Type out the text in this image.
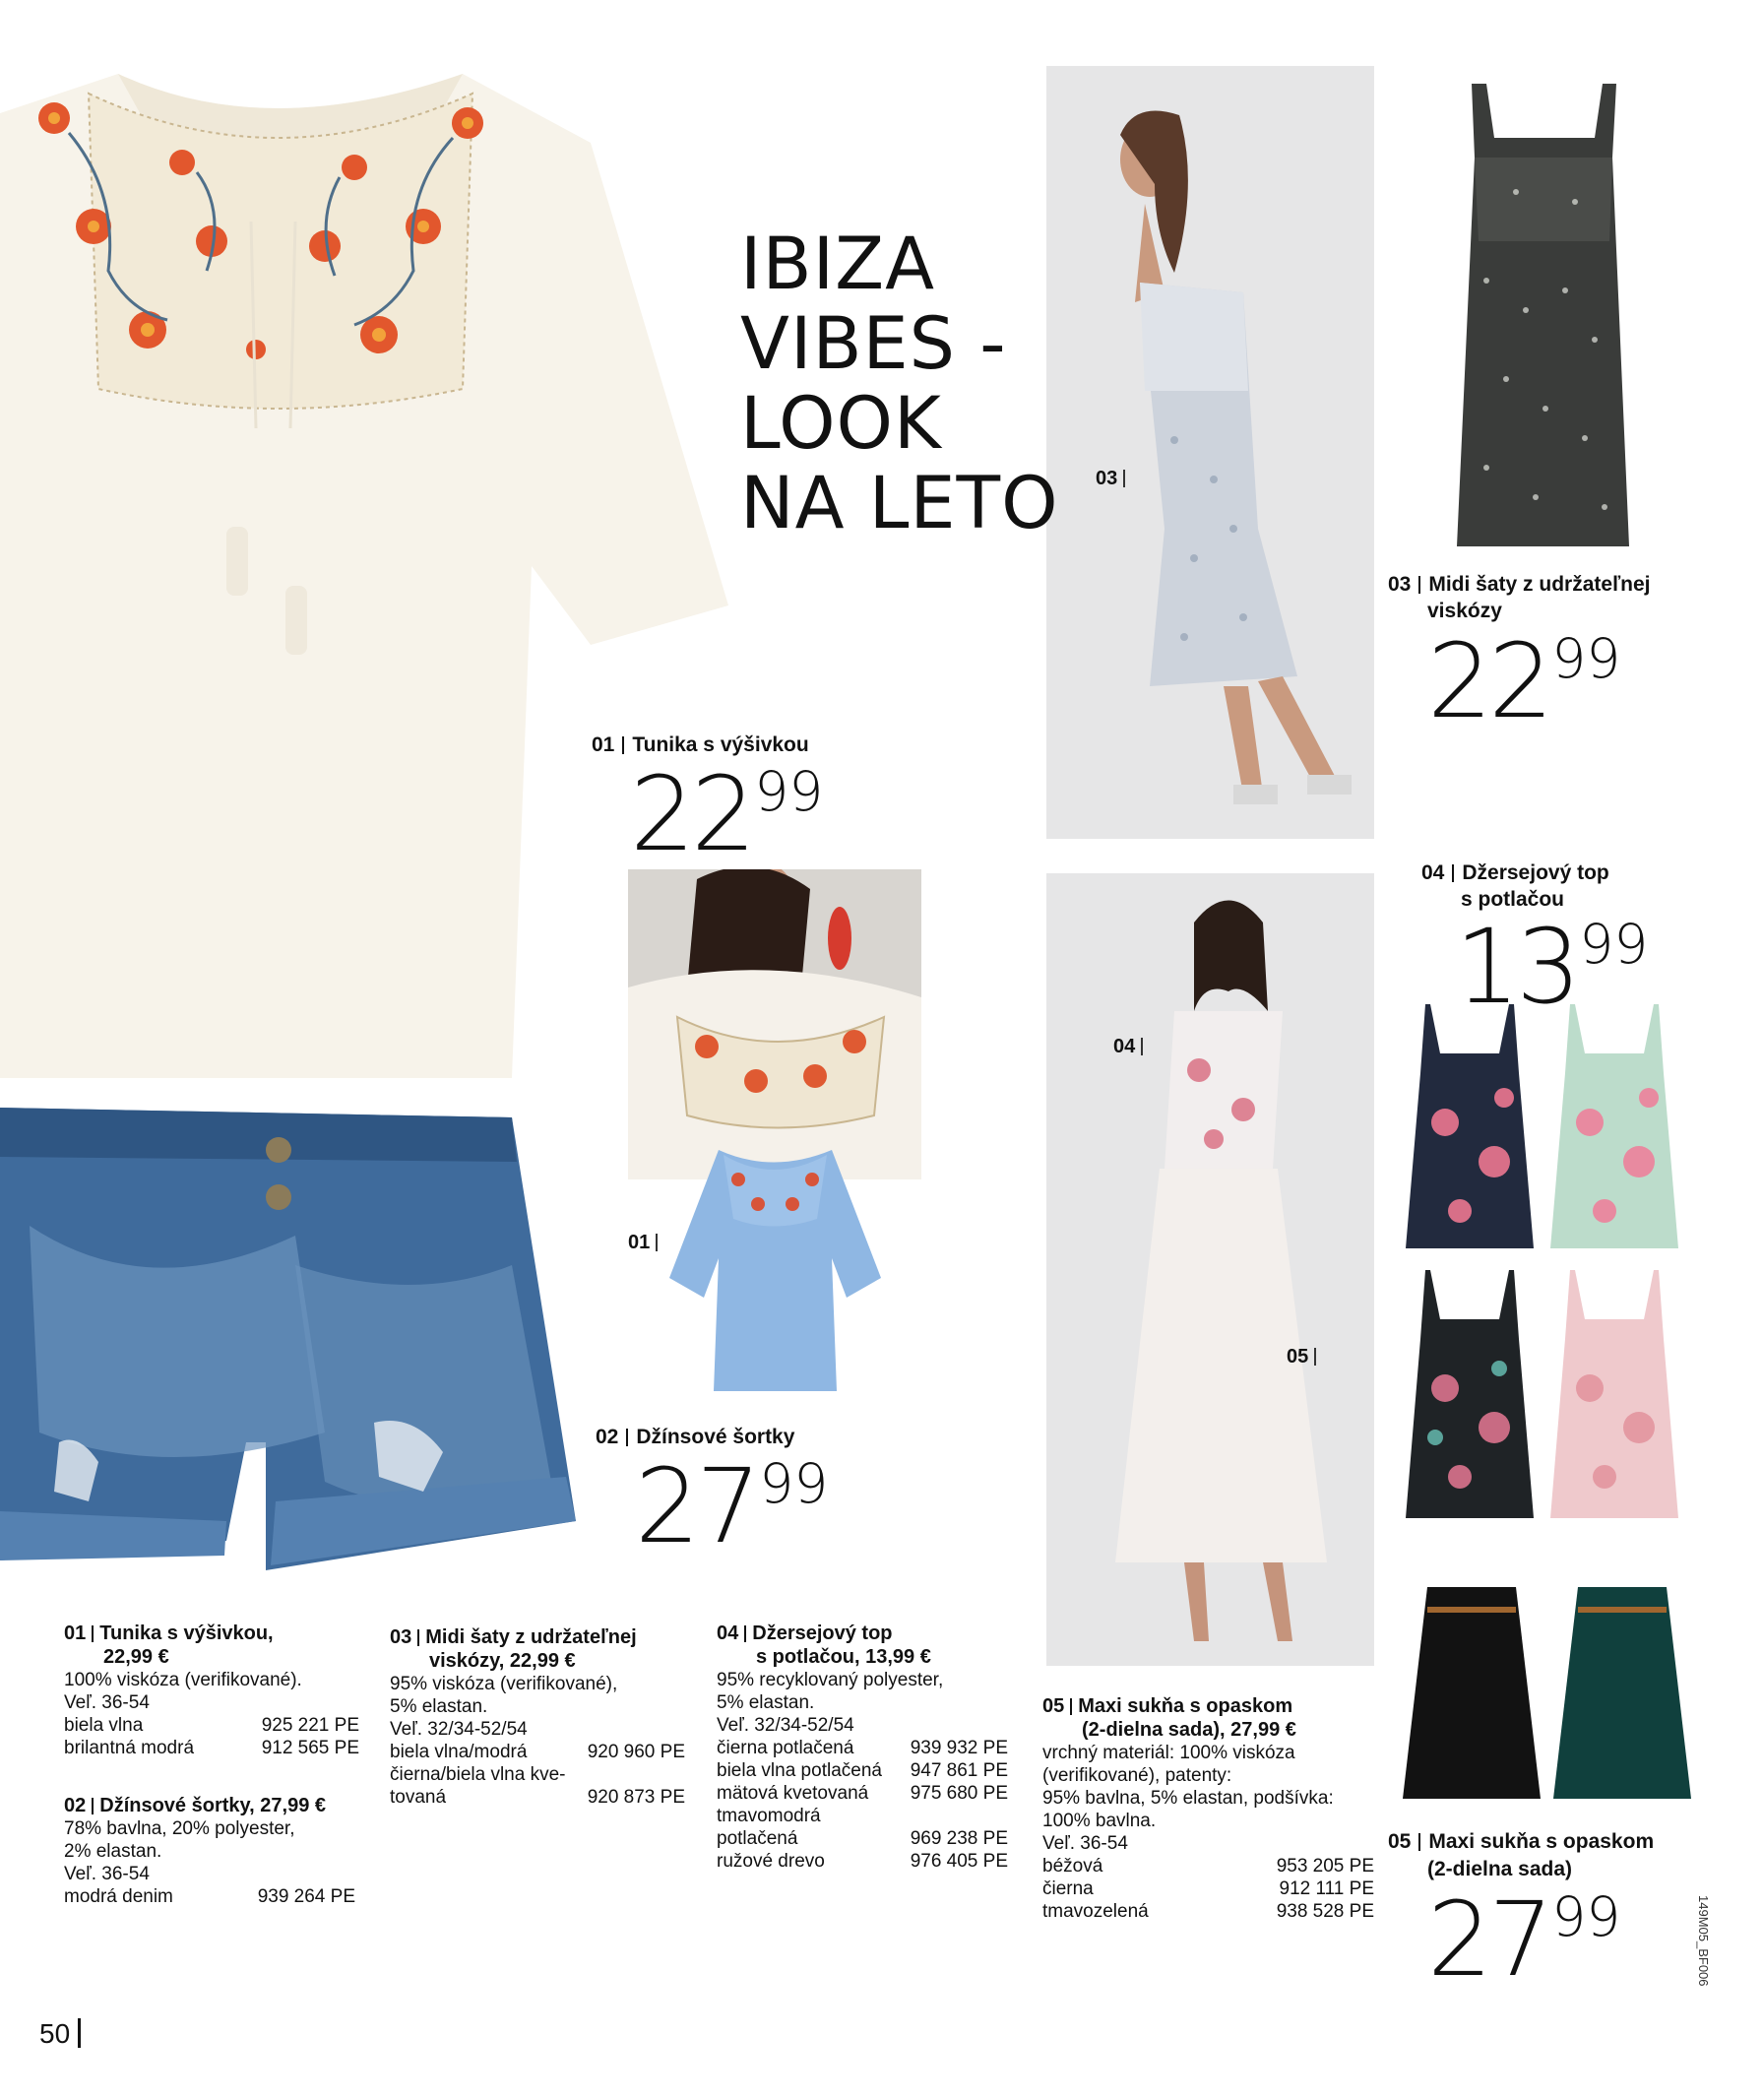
IBIZA
VIBES -
LOOK
NA LETO
01 Tunika s výšivkou
2299
02 Džínsové šortky
2799
03 Midi šaty z udržateľnej
viskózy
2299
04 Džersejový top
s potlačou
1399
05 Maxi sukňa s opaskom
(2-dielna sada)
2799
03
04
05
01
01 Tunika s výšivkou,
22,99 €
100% viskóza (verifikované).
Veľ. 36-54
biela vlna	925 221 PE
brilantná modrá	912 565 PE
02 Džínsové šortky, 27,99 €
78% bavlna, 20% polyester,
2% elastan.
Veľ. 36-54
modrá denim	939 264 PE
03 Midi šaty z udržateľnej
viskózy, 22,99 €
95% viskóza (verifikované),
5% elastan.
Veľ. 32/34-52/54
biela vlna/modrá	920 960 PE
čierna/biela vlna kve-
tovaná	920 873 PE
04 Džersejový top
s potlačou, 13,99 €
95% recyklovaný polyester,
5% elastan.
Veľ. 32/34-52/54
čierna potlačená	939 932 PE
biela vlna potlačená 947 861 PE
mätová kvetovaná 975 680 PE
tmavomodrá
potlačená	969 238 PE
ružové drevo	976 405 PE
05 Maxi sukňa s opaskom
(2-dielna sada), 27,99 €
vrchný materiál: 100% viskóza
(verifikované), patenty:
95% bavlna, 5% elastan, podšívka:
100% bavlna.
Veľ. 36-54
béžová	953 205 PE
čierna	912 111 PE
tmavozelená	938 528 PE
50
149M05_BF006
